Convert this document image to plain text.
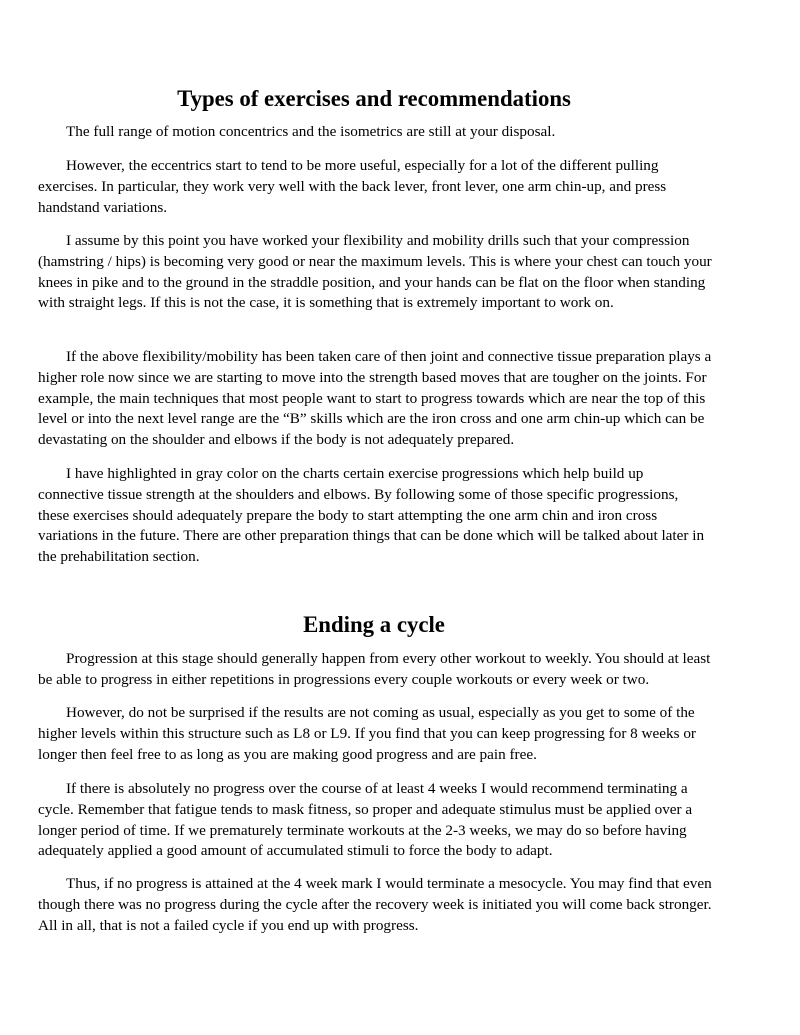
Types of exercises and recommendations

The full range of motion concentrics and the isometrics are still at your disposal.

However, the eccentrics start to tend to be more useful, especially for a lot of the different pulling exercises. In particular, they work very well with the back lever, front lever, one arm chin-up, and press handstand variations.

I assume by this point you have worked your flexibility and mobility drills such that your compression (hamstring / hips) is becoming very good or near the maximum levels. This is where your chest can touch your knees in pike and to the ground in the straddle position, and your hands can be flat on the floor when standing with straight legs. If this is not the case, it is something that is extremely important to work on.

If the above flexibility/mobility has been taken care of then joint and connective tissue preparation plays a higher role now since we are starting to move into the strength based moves that are tougher on the joints. For example, the main techniques that most people want to start to progress towards which are near the top of this level or into the next level range are the “B” skills which are the iron cross and one arm chin-up which can be devastating on the shoulder and elbows if the body is not adequately prepared.

I have highlighted in gray color on the charts certain exercise progressions which help build up connective tissue strength at the shoulders and elbows. By following some of those specific progressions, these exercises should adequately prepare the body to start attempting the one arm chin and iron cross variations in the future. There are other preparation things that can be done which will be talked about later in the prehabilitation section.

Ending a cycle

Progression at this stage should generally happen from every other workout to weekly. You should at least be able to progress in either repetitions in progressions every couple workouts or every week or two.

However, do not be surprised if the results are not coming as usual, especially as you get to some of the higher levels within this structure such as L8 or L9. If you find that you can keep progressing for 8 weeks or longer then feel free to as long as you are making good progress and are pain free.

If there is absolutely no progress over the course of at least 4 weeks I would recommend terminating a cycle. Remember that fatigue tends to mask fitness, so proper and adequate stimulus must be applied over a longer period of time. If we prematurely terminate workouts at the 2-3 weeks, we may do so before having adequately applied a good amount of accumulated stimuli to force the body to adapt.

Thus, if no progress is attained at the 4 week mark I would terminate a mesocycle. You may find that even though there was no progress during the cycle after the recovery week is initiated you will come back stronger. All in all, that is not a failed cycle if you end up with progress.
